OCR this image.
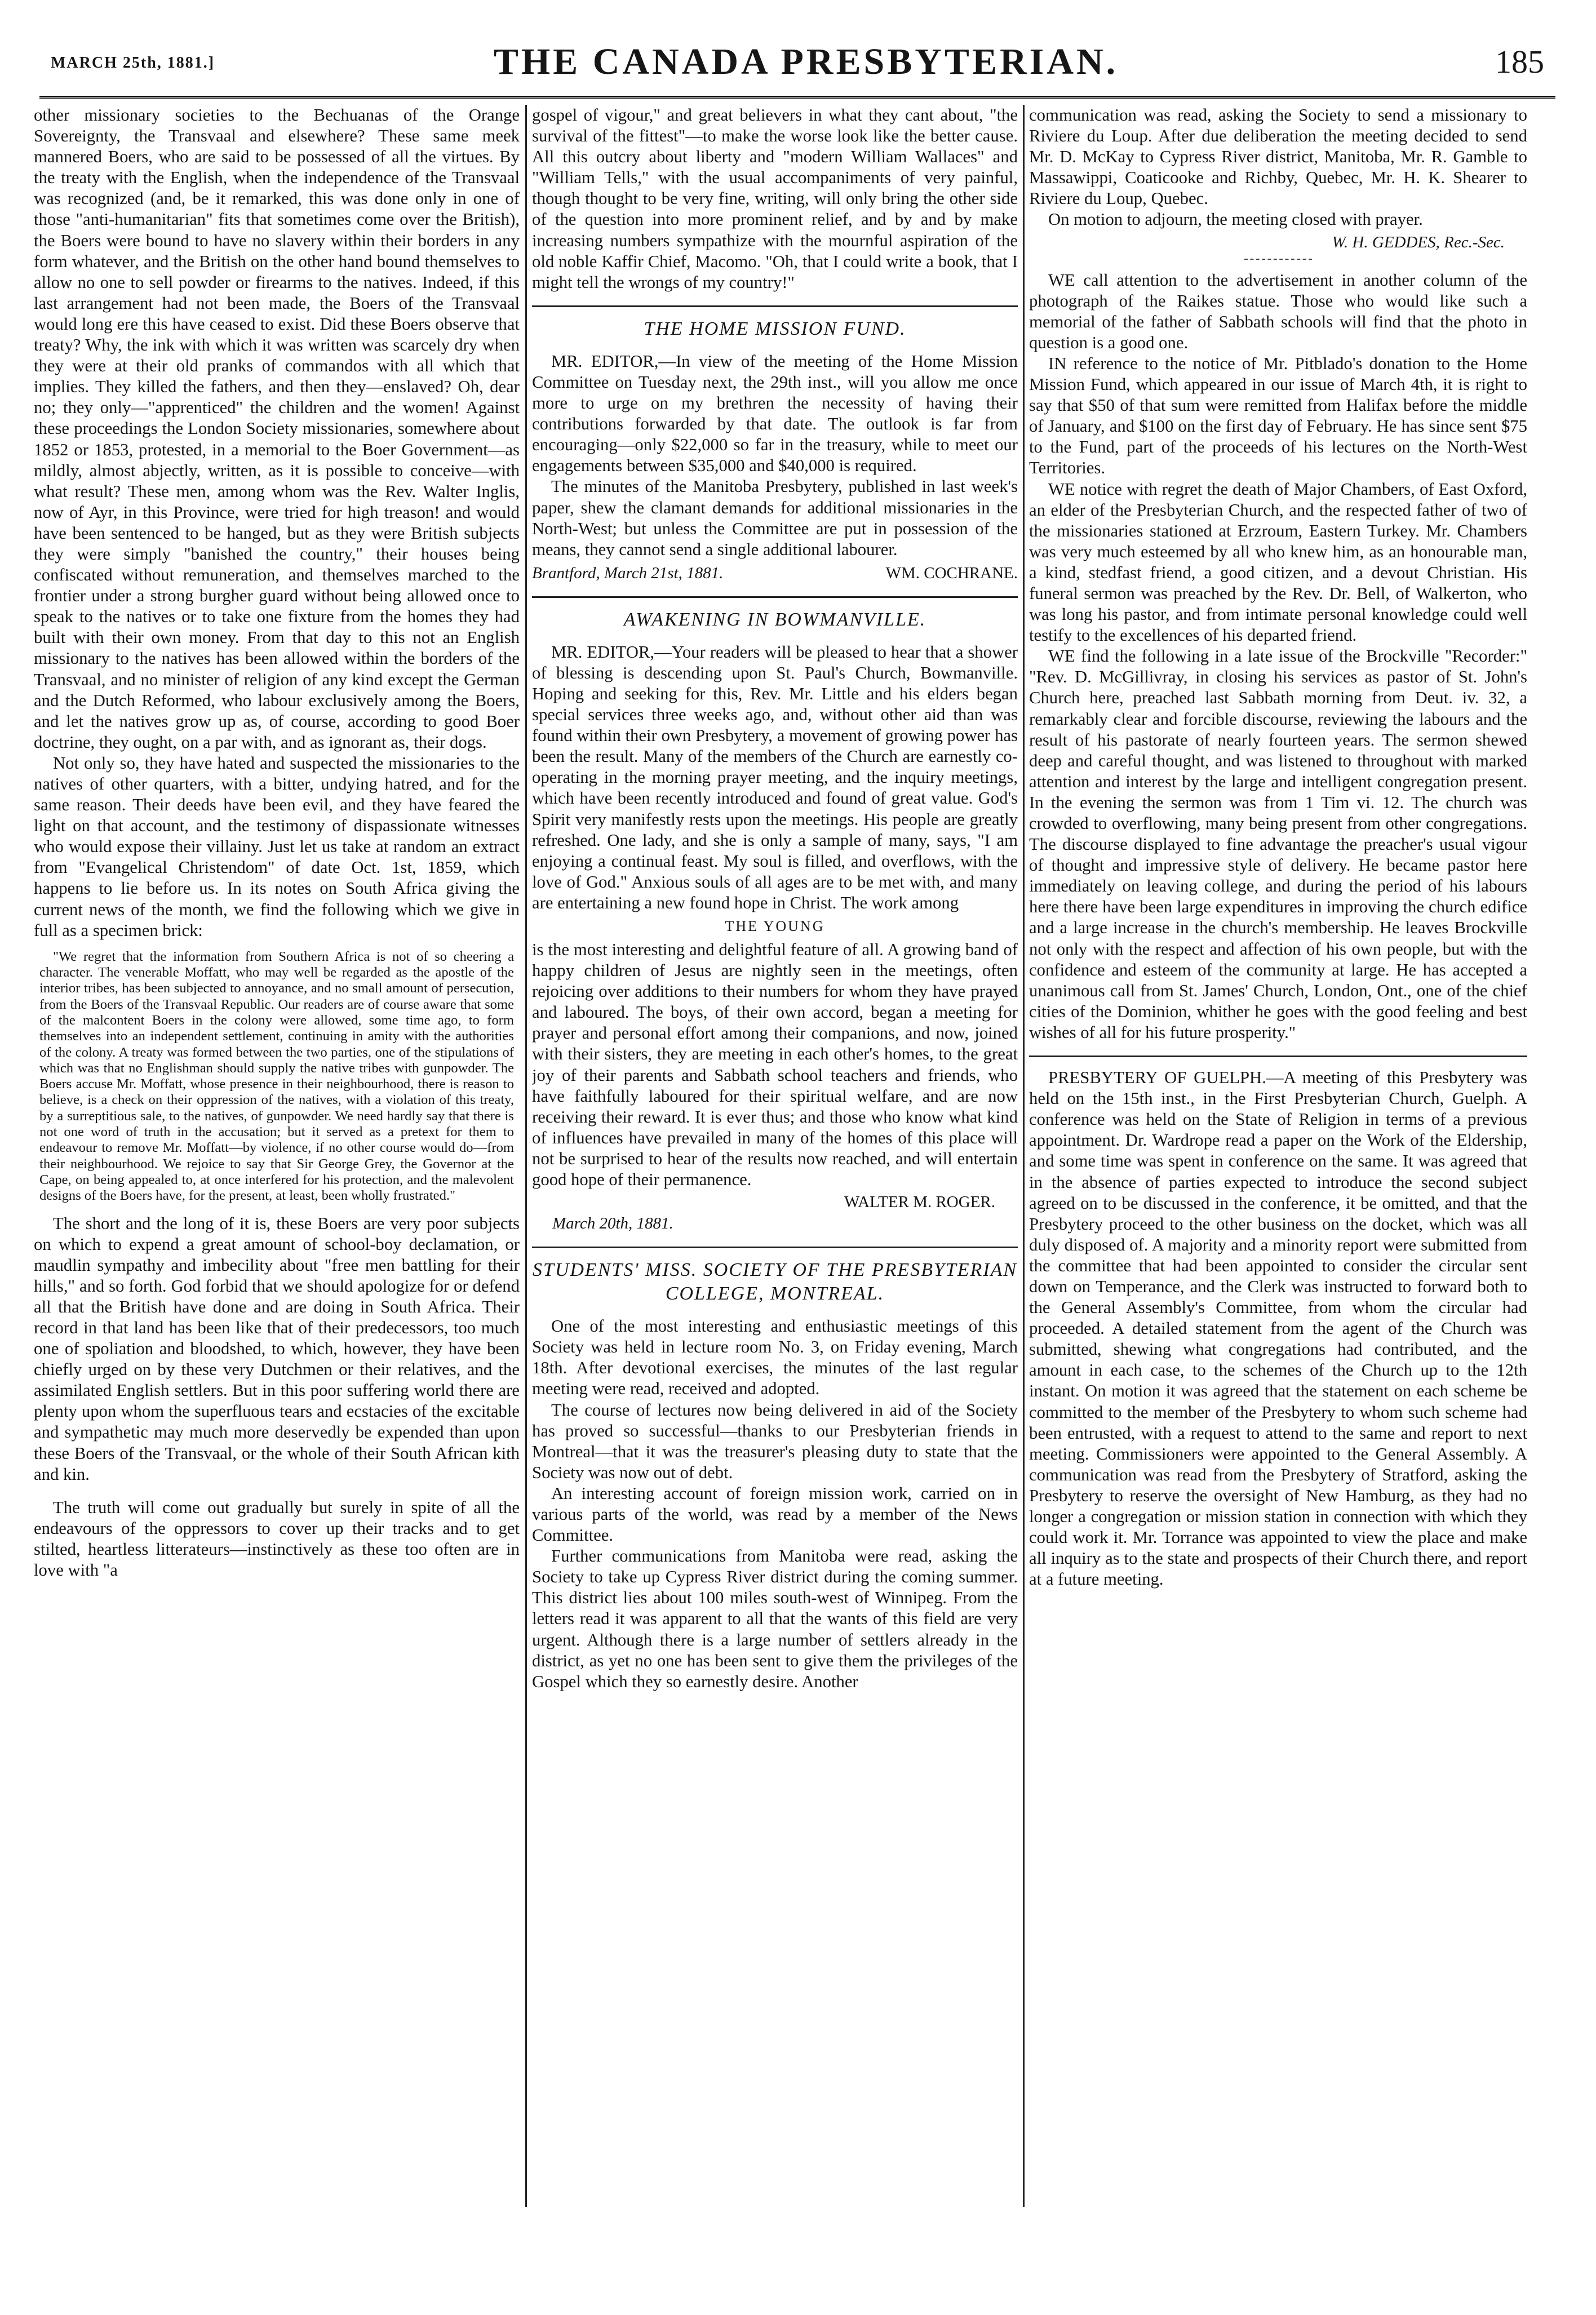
MARCH 25th, 1881.]	THE CANADA PRESBYTERIAN.	185

other missionary societies to the Bechuanas of the Orange Sovereignty, the Transvaal and elsewhere? These same meek mannered Boers, who are said to be possessed of all the virtues. By the treaty with the English, when the independence of the Transvaal was recognized (and, be it remarked, this was done only in one of those "anti-humanitarian" fits that sometimes come over the British), the Boers were bound to have no slavery within their borders in any form whatever, and the British on the other hand bound themselves to allow no one to sell powder or firearms to the natives. Indeed, if this last arrangement had not been made, the Boers of the Transvaal would long ere this have ceased to exist. Did these Boers observe that treaty? Why, the ink with which it was written was scarcely dry when they were at their old pranks of commandos with all which that implies. They killed the fathers, and then they—enslaved? Oh, dear no; they only—"apprenticed" the children and the women! Against these proceedings the London Society missionaries, somewhere about 1852 or 1853, protested, in a memorial to the Boer Government—as mildly, almost abjectly, written, as it is possible to conceive—with what result? These men, among whom was the Rev. Walter Inglis, now of Ayr, in this Province, were tried for high treason! and would have been sentenced to be hanged, but as they were British subjects they were simply "banished the country," their houses being confiscated without remuneration, and themselves marched to the frontier under a strong burgher guard without being allowed once to speak to the natives or to take one fixture from the homes they had built with their own money. From that day to this not an English missionary to the natives has been allowed within the borders of the Transvaal, and no minister of religion of any kind except the German and the Dutch Reformed, who labour exclusively among the Boers, and let the natives grow up as, of course, according to good Boer doctrine, they ought, on a par with, and as ignorant as, their dogs.

Not only so, they have hated and suspected the missionaries to the natives of other quarters, with a bitter, undying hatred, and for the same reason. Their deeds have been evil, and they have feared the light on that account, and the testimony of dispassionate witnesses who would expose their villainy. Just let us take at random an extract from "Evangelical Christendom" of date Oct. 1st, 1859, which happens to lie before us. In its notes on South Africa giving the current news of the month, we find the following which we give in full as a specimen brick:

"We regret that the information from Southern Africa is not of so cheering a character. The venerable Moffatt, who may well be regarded as the apostle of the interior tribes, has been subjected to annoyance, and no small amount of persecution, from the Boers of the Transvaal Republic. Our readers are of course aware that some of the malcontent Boers in the colony were allowed, some time ago, to form themselves into an independent settlement, continuing in amity with the authorities of the colony. A treaty was formed between the two parties, one of the stipulations of which was that no Englishman should supply the native tribes with gunpowder. The Boers accuse Mr. Moffatt, whose presence in their neighbourhood, there is reason to believe, is a check on their oppression of the natives, with a violation of this treaty, by a surreptitious sale, to the natives, of gunpowder. We need hardly say that there is not one word of truth in the accusation; but it served as a pretext for them to endeavour to remove Mr. Moffatt—by violence, if no other course would do—from their neighbourhood. We rejoice to say that Sir George Grey, the Governor at the Cape, on being appealed to, at once interfered for his protection, and the malevolent designs of the Boers have, for the present, at least, been wholly frustrated."

The short and the long of it is, these Boers are very poor subjects on which to expend a great amount of school-boy declamation, or maudlin sympathy and imbecility about "free men battling for their hills," and so forth. God forbid that we should apologize for or defend all that the British have done and are doing in South Africa. Their record in that land has been like that of their predecessors, too much one of spoliation and bloodshed, to which, however, they have been chiefly urged on by these very Dutchmen or their relatives, and the assimilated English settlers. But in this poor suffering world there are plenty upon whom the superfluous tears and ecstacies of the excitable and sympathetic may much more deservedly be expended than upon these Boers of the Transvaal, or the whole of their South African kith and kin.

The truth will come out gradually but surely in spite of all the endeavours of the oppressors to cover up their tracks and to get stilted, heartless litterateurs—instinctively as these too often are in love with "a

gospel of vigour," and great believers in what they cant about, "the survival of the fittest"—to make the worse look like the better cause. All this outcry about liberty and "modern William Wallaces" and "William Tells," with the usual accompaniments of very painful, though thought to be very fine, writing, will only bring the other side of the question into more prominent relief, and by and by make increasing numbers sympathize with the mournful aspiration of the old noble Kaffir Chief, Macomo. "Oh, that I could write a book, that I might tell the wrongs of my country!"

THE HOME MISSION FUND.

MR. EDITOR,—In view of the meeting of the Home Mission Committee on Tuesday next, the 29th inst., will you allow me once more to urge on my brethren the necessity of having their contributions forwarded by that date. The outlook is far from encouraging—only $22,000 so far in the treasury, while to meet our engagements between $35,000 and $40,000 is required.

The minutes of the Manitoba Presbytery, published in last week's paper, shew the clamant demands for additional missionaries in the North-West; but unless the Committee are put in possession of the means, they cannot send a single additional labourer.

Brantford, March 21st, 1881.	WM. COCHRANE.
AWAKENING IN BOWMANVILLE.

MR. EDITOR,—Your readers will be pleased to hear that a shower of blessing is descending upon St. Paul's Church, Bowmanville. Hoping and seeking for this, Rev. Mr. Little and his elders began special services three weeks ago, and, without other aid than was found within their own Presbytery, a movement of growing power has been the result. Many of the members of the Church are earnestly co-operating in the morning prayer meeting, and the inquiry meetings, which have been recently introduced and found of great value. God's Spirit very manifestly rests upon the meetings. His people are greatly refreshed. One lady, and she is only a sample of many, says, "I am enjoying a continual feast. My soul is filled, and overflows, with the love of God." Anxious souls of all ages are to be met with, and many are entertaining a new found hope in Christ. The work among

THE YOUNG

is the most interesting and delightful feature of all. A growing band of happy children of Jesus are nightly seen in the meetings, often rejoicing over additions to their numbers for whom they have prayed and laboured. The boys, of their own accord, began a meeting for prayer and personal effort among their companions, and now, joined with their sisters, they are meeting in each other's homes, to the great joy of their parents and Sabbath school teachers and friends, who have faithfully laboured for their spiritual welfare, and are now receiving their reward. It is ever thus; and those who know what kind of influences have prevailed in many of the homes of this place will not be surprised to hear of the results now reached, and will entertain good hope of their permanence.

WALTER M. ROGER.
March 20th, 1881.
STUDENTS' MISS. SOCIETY OF THE PRESBYTERIAN COLLEGE, MONTREAL.

One of the most interesting and enthusiastic meetings of this Society was held in lecture room No. 3, on Friday evening, March 18th. After devotional exercises, the minutes of the last regular meeting were read, received and adopted.

The course of lectures now being delivered in aid of the Society has proved so successful—thanks to our Presbyterian friends in Montreal—that it was the treasurer's pleasing duty to state that the Society was now out of debt.

An interesting account of foreign mission work, carried on in various parts of the world, was read by a member of the News Committee.

Further communications from Manitoba were read, asking the Society to take up Cypress River district during the coming summer. This district lies about 100 miles south-west of Winnipeg. From the letters read it was apparent to all that the wants of this field are very urgent. Although there is a large number of settlers already in the district, as yet no one has been sent to give them the privileges of the Gospel which they so earnestly desire. Another

communication was read, asking the Society to send a missionary to Riviere du Loup. After due deliberation the meeting decided to send Mr. D. McKay to Cypress River district, Manitoba, Mr. R. Gamble to Massawippi, Coaticooke and Richby, Quebec, Mr. H. K. Shearer to Riviere du Loup, Quebec.

On motion to adjourn, the meeting closed with prayer.

W. H. GEDDES, Rec.-Sec.

WE call attention to the advertisement in another column of the photograph of the Raikes statue. Those who would like such a memorial of the father of Sabbath schools will find that the photo in question is a good one.

IN reference to the notice of Mr. Pitblado's donation to the Home Mission Fund, which appeared in our issue of March 4th, it is right to say that $50 of that sum were remitted from Halifax before the middle of January, and $100 on the first day of February. He has since sent $75 to the Fund, part of the proceeds of his lectures on the North-West Territories.

WE notice with regret the death of Major Chambers, of East Oxford, an elder of the Presbyterian Church, and the respected father of two of the missionaries stationed at Erzroum, Eastern Turkey. Mr. Chambers was very much esteemed by all who knew him, as an honourable man, a kind, stedfast friend, a good citizen, and a devout Christian. His funeral sermon was preached by the Rev. Dr. Bell, of Walkerton, who was long his pastor, and from intimate personal knowledge could well testify to the excellences of his departed friend.

WE find the following in a late issue of the Brockville "Recorder:" "Rev. D. McGillivray, in closing his services as pastor of St. John's Church here, preached last Sabbath morning from Deut. iv. 32, a remarkably clear and forcible discourse, reviewing the labours and the result of his pastorate of nearly fourteen years. The sermon shewed deep and careful thought, and was listened to throughout with marked attention and interest by the large and intelligent congregation present. In the evening the sermon was from 1 Tim vi. 12. The church was crowded to overflowing, many being present from other congregations. The discourse displayed to fine advantage the preacher's usual vigour of thought and impressive style of delivery. He became pastor here immediately on leaving college, and during the period of his labours here there have been large expenditures in improving the church edifice and a large increase in the church's membership. He leaves Brockville not only with the respect and affection of his own people, but with the confidence and esteem of the community at large. He has accepted a unanimous call from St. James' Church, London, Ont., one of the chief cities of the Dominion, whither he goes with the good feeling and best wishes of all for his future prosperity."

PRESBYTERY OF GUELPH.—A meeting of this Presbytery was held on the 15th inst., in the First Presbyterian Church, Guelph. A conference was held on the State of Religion in terms of a previous appointment. Dr. Wardrope read a paper on the Work of the Eldership, and some time was spent in conference on the same. It was agreed that in the absence of parties expected to introduce the second subject agreed on to be discussed in the conference, it be omitted, and that the Presbytery proceed to the other business on the docket, which was all duly disposed of. A majority and a minority report were submitted from the committee that had been appointed to consider the circular sent down on Temperance, and the Clerk was instructed to forward both to the General Assembly's Committee, from whom the circular had proceeded. A detailed statement from the agent of the Church was submitted, shewing what congregations had contributed, and the amount in each case, to the schemes of the Church up to the 12th instant. On motion it was agreed that the statement on each scheme be committed to the member of the Presbytery to whom such scheme had been entrusted, with a request to attend to the same and report to next meeting. Commissioners were appointed to the General Assembly. A communication was read from the Presbytery of Stratford, asking the Presbytery to reserve the oversight of New Hamburg, as they had no longer a congregation or mission station in connection with which they could work it. Mr. Torrance was appointed to view the place and make all inquiry as to the state and prospects of their Church there, and report at a future meeting.
